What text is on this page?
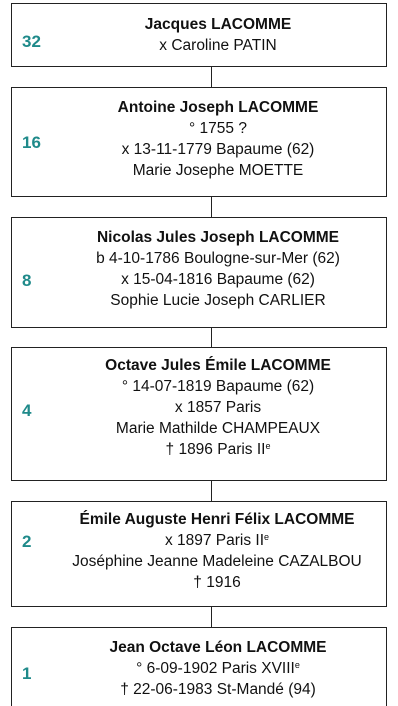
32
Jacques LACOMME
x Caroline PATIN
16
Antoine Joseph LACOMME
° 1755 ?
x 13-11-1779 Bapaume (62)
Marie Josephe MOETTE
8
Nicolas Jules Joseph LACOMME
b 4-10-1786 Boulogne-sur-Mer (62)
x 15-04-1816 Bapaume (62)
Sophie Lucie Joseph CARLIER
4
Octave Jules Émile LACOMME
° 14-07-1819 Bapaume (62)
x 1857 Paris
Marie Mathilde CHAMPEAUX
† 1896 Paris IIe
2
Émile Auguste Henri Félix LACOMME
x 1897 Paris IIe
Joséphine Jeanne Madeleine CAZALBOU
† 1916
1
Jean Octave Léon LACOMME
° 6-09-1902 Paris XVIIIe
† 22-06-1983 St-Mandé (94)
